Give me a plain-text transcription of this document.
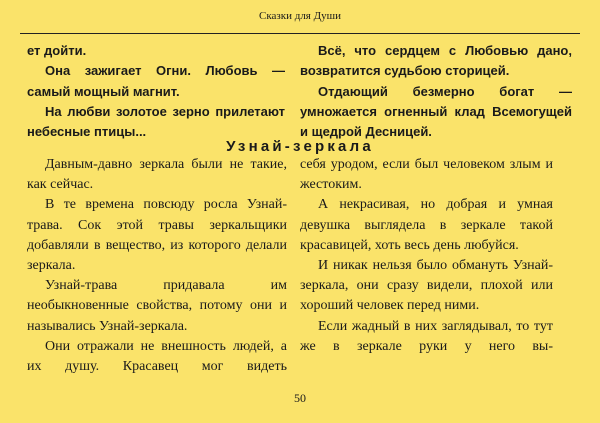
Сказки для Души

ет дойти.

Она зажигает Огни. Любовь — самый мощный магнит.

На любви золотое зерно прилетают небесные птицы...

Всё, что сердцем с Любовью дано, возвратится судьбою сторицей.

Отдающий безмерно богат — умножается огненный клад Всемогущей и щедрой Десницей.

Узнай-зеркала

Давным-давно зеркала были не такие, как сейчас.

В те времена повсюду росла Узнай-трава. Сок этой травы зеркальщики добавляли в вещество, из которого делали зеркала.

Узнай-трава придавала им необыкновенные свойства, потому они и назывались Узнай-зеркала.

Они отражали не внешность людей, а их душу. Красавец мог видеть

себя уродом, если был человеком злым и жестоким.

А некрасивая, но добрая и умная девушка выглядела в зеркале такой красавицей, хоть весь день любуйся.

И никак нельзя было обмануть Узнай-зеркала, они сразу видели, плохой или хороший человек перед ними.

Если жадный в них заглядывал, то тут же в зеркале руки у него вы-

50
